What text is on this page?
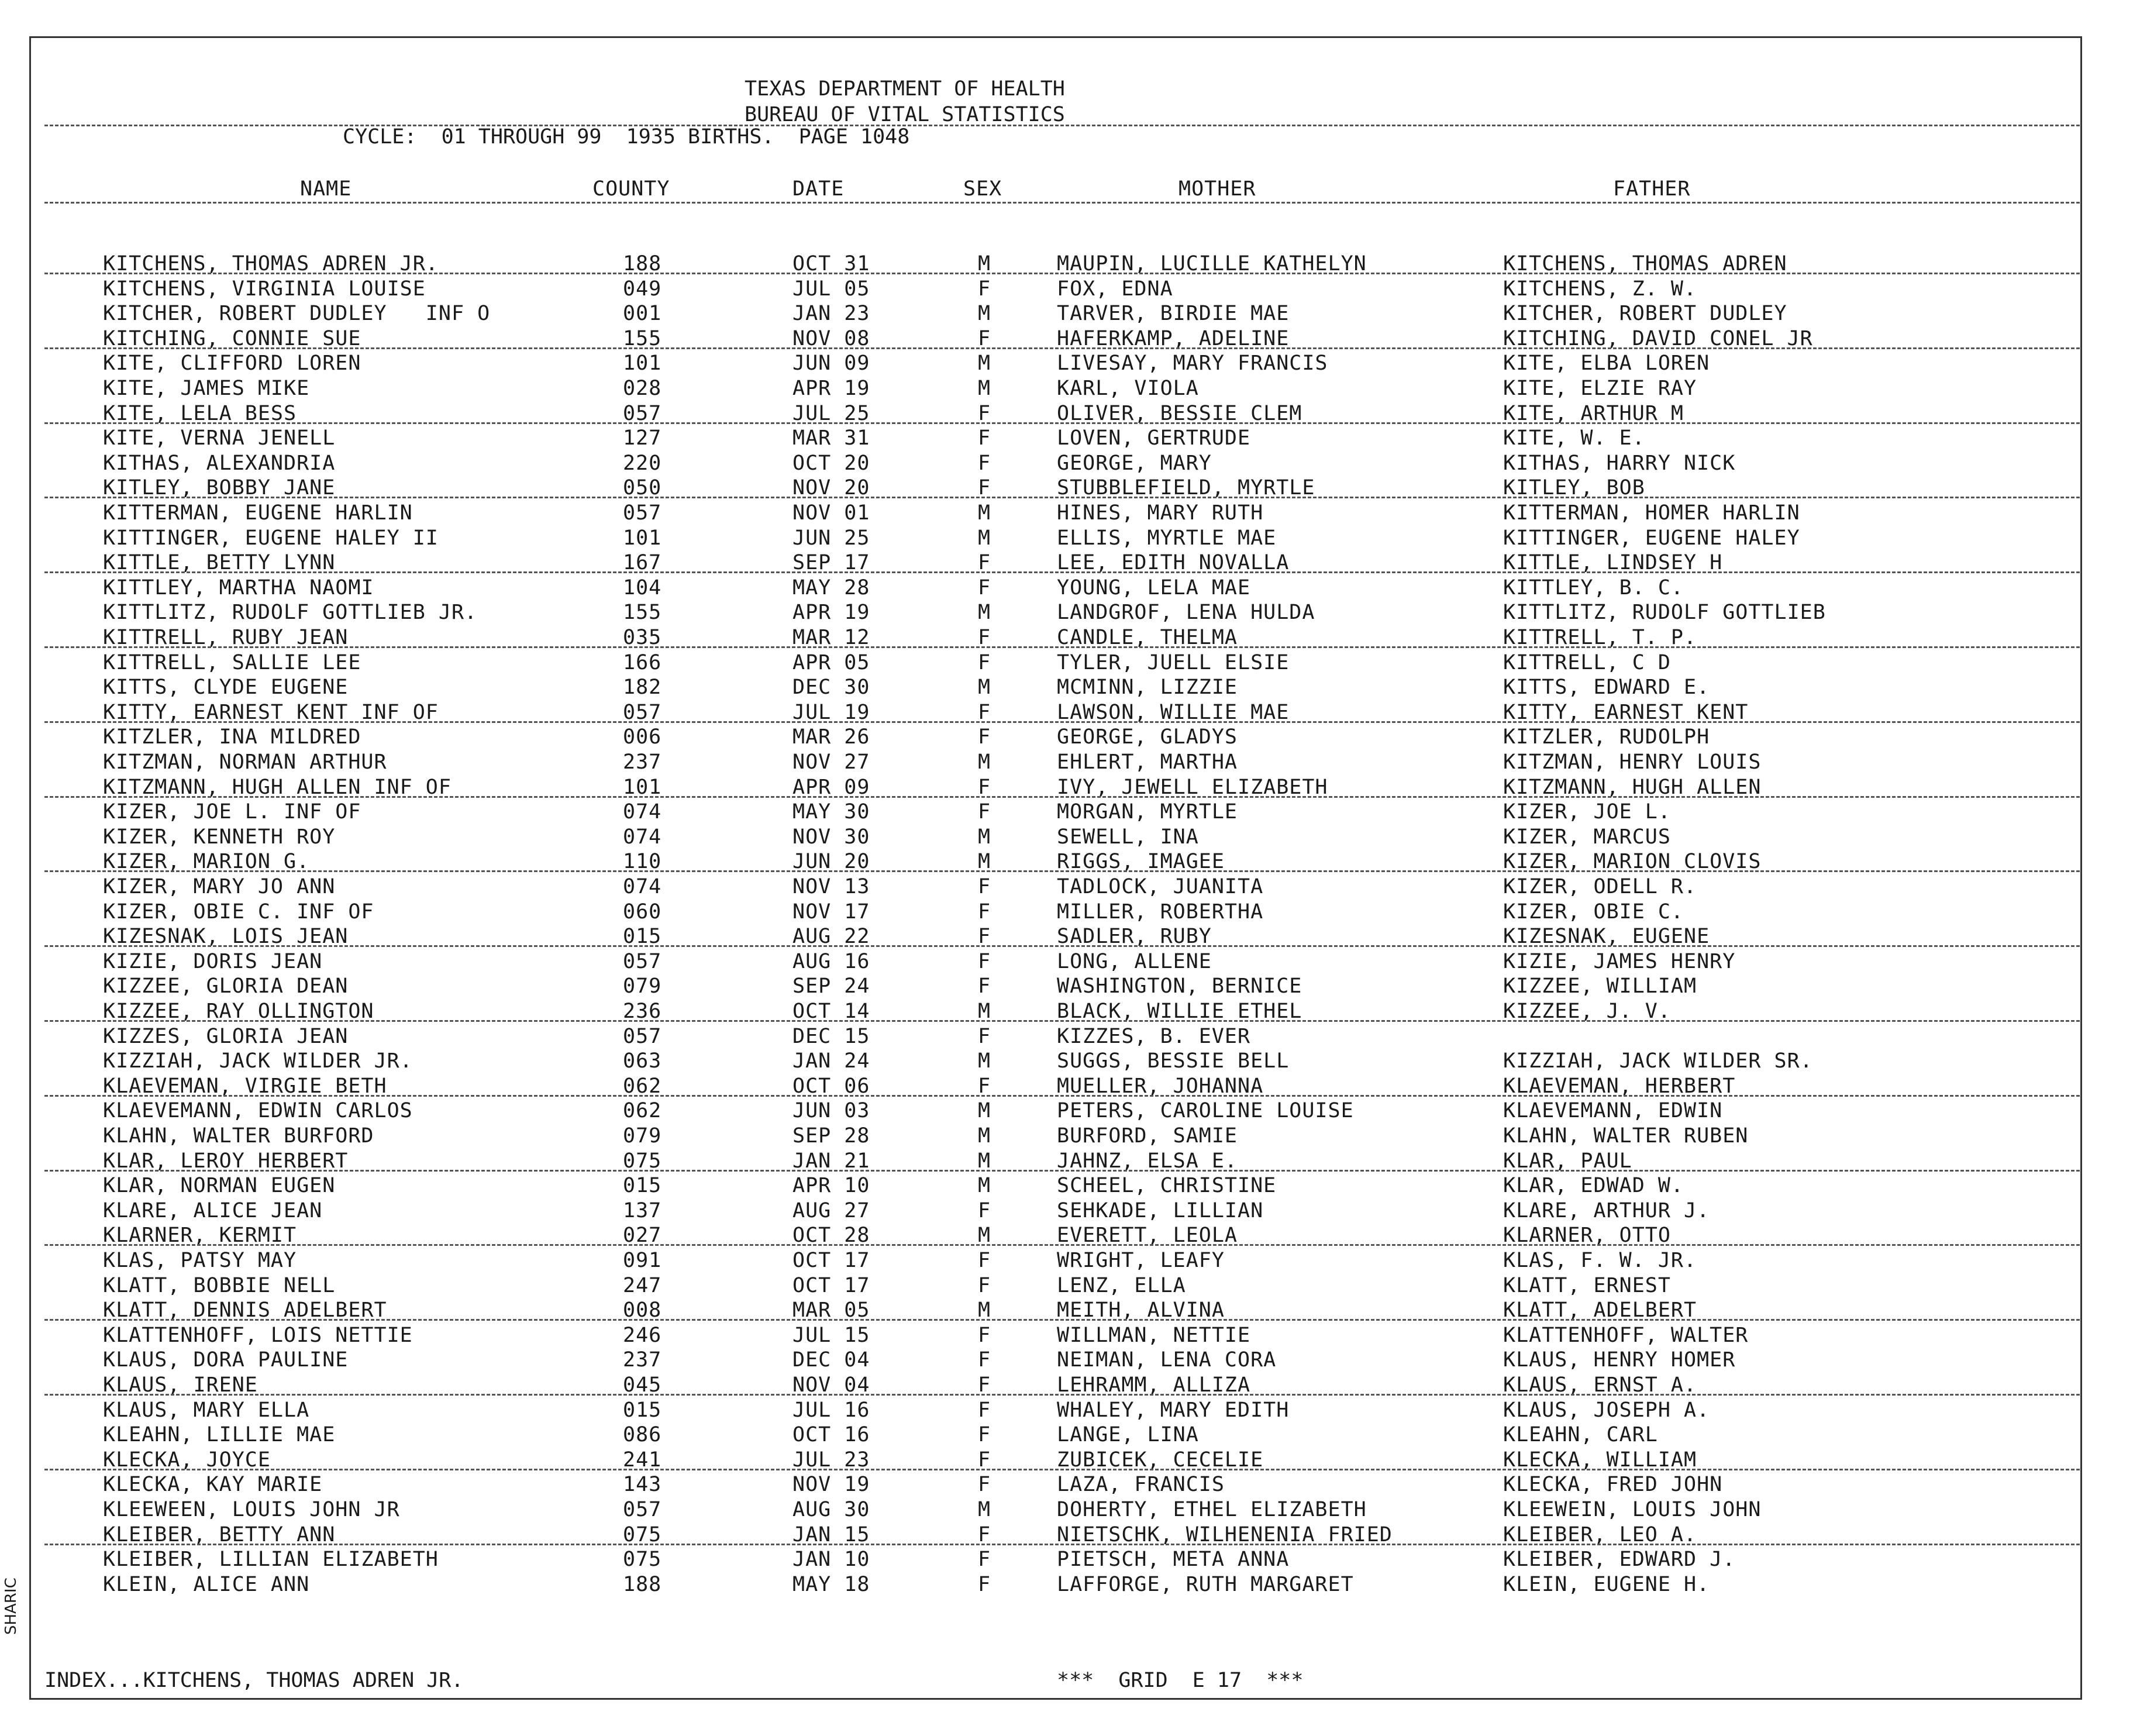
TEXAS DEPARTMENT OF HEALTH
BUREAU OF VITAL STATISTICS
CYCLE:  01 THROUGH 99  1935 BIRTHS.  PAGE 1048
NAME	COUNTY	DATE	SEX	MOTHER	FATHER
KITCHENS, THOMAS ADREN JR.	188	OCT 31	M	MAUPIN, LUCILLE KATHELYN	KITCHENS, THOMAS ADREN
KITCHENS, VIRGINIA LOUISE	049	JUL 05	F	FOX, EDNA	KITCHENS, Z. W.
KITCHER, ROBERT DUDLEY   INF O	001	JAN 23	M	TARVER, BIRDIE MAE	KITCHER, ROBERT DUDLEY
KITCHING, CONNIE SUE	155	NOV 08	F	HAFERKAMP, ADELINE	KITCHING, DAVID CONEL JR
KITE, CLIFFORD LOREN	101	JUN 09	M	LIVESAY, MARY FRANCIS	KITE, ELBA LOREN
KITE, JAMES MIKE	028	APR 19	M	KARL, VIOLA	KITE, ELZIE RAY
KITE, LELA BESS	057	JUL 25	F	OLIVER, BESSIE CLEM	KITE, ARTHUR M
KITE, VERNA JENELL	127	MAR 31	F	LOVEN, GERTRUDE	KITE, W. E.
KITHAS, ALEXANDRIA	220	OCT 20	F	GEORGE, MARY	KITHAS, HARRY NICK
KITLEY, BOBBY JANE	050	NOV 20	F	STUBBLEFIELD, MYRTLE	KITLEY, BOB
KITTERMAN, EUGENE HARLIN	057	NOV 01	M	HINES, MARY RUTH	KITTERMAN, HOMER HARLIN
KITTINGER, EUGENE HALEY II	101	JUN 25	M	ELLIS, MYRTLE MAE	KITTINGER, EUGENE HALEY
KITTLE, BETTY LYNN	167	SEP 17	F	LEE, EDITH NOVALLA	KITTLE, LINDSEY H
KITTLEY, MARTHA NAOMI	104	MAY 28	F	YOUNG, LELA MAE	KITTLEY, B. C.
KITTLITZ, RUDOLF GOTTLIEB JR.	155	APR 19	M	LANDGROF, LENA HULDA	KITTLITZ, RUDOLF GOTTLIEB
KITTRELL, RUBY JEAN	035	MAR 12	F	CANDLE, THELMA	KITTRELL, T. P.
KITTRELL, SALLIE LEE	166	APR 05	F	TYLER, JUELL ELSIE	KITTRELL, C D
KITTS, CLYDE EUGENE	182	DEC 30	M	MCMINN, LIZZIE	KITTS, EDWARD E.
KITTY, EARNEST KENT INF OF	057	JUL 19	F	LAWSON, WILLIE MAE	KITTY, EARNEST KENT
KITZLER, INA MILDRED	006	MAR 26	F	GEORGE, GLADYS	KITZLER, RUDOLPH
KITZMAN, NORMAN ARTHUR	237	NOV 27	M	EHLERT, MARTHA	KITZMAN, HENRY LOUIS
KITZMANN, HUGH ALLEN INF OF	101	APR 09	F	IVY, JEWELL ELIZABETH	KITZMANN, HUGH ALLEN
KIZER, JOE L. INF OF	074	MAY 30	F	MORGAN, MYRTLE	KIZER, JOE L.
KIZER, KENNETH ROY	074	NOV 30	M	SEWELL, INA	KIZER, MARCUS
KIZER, MARION G.	110	JUN 20	M	RIGGS, IMAGEE	KIZER, MARION CLOVIS
KIZER, MARY JO ANN	074	NOV 13	F	TADLOCK, JUANITA	KIZER, ODELL R.
KIZER, OBIE C. INF OF	060	NOV 17	F	MILLER, ROBERTHA	KIZER, OBIE C.
KIZESNAK, LOIS JEAN	015	AUG 22	F	SADLER, RUBY	KIZESNAK, EUGENE
KIZIE, DORIS JEAN	057	AUG 16	F	LONG, ALLENE	KIZIE, JAMES HENRY
KIZZEE, GLORIA DEAN	079	SEP 24	F	WASHINGTON, BERNICE	KIZZEE, WILLIAM
KIZZEE, RAY OLLINGTON	236	OCT 14	M	BLACK, WILLIE ETHEL	KIZZEE, J. V.
KIZZES, GLORIA JEAN	057	DEC 15	F	KIZZES, B. EVER
KIZZIAH, JACK WILDER JR.	063	JAN 24	M	SUGGS, BESSIE BELL	KIZZIAH, JACK WILDER SR.
KLAEVEMAN, VIRGIE BETH	062	OCT 06	F	MUELLER, JOHANNA	KLAEVEMAN, HERBERT
KLAEVEMANN, EDWIN CARLOS	062	JUN 03	M	PETERS, CAROLINE LOUISE	KLAEVEMANN, EDWIN
KLAHN, WALTER BURFORD	079	SEP 28	M	BURFORD, SAMIE	KLAHN, WALTER RUBEN
KLAR, LEROY HERBERT	075	JAN 21	M	JAHNZ, ELSA E.	KLAR, PAUL
KLAR, NORMAN EUGEN	015	APR 10	M	SCHEEL, CHRISTINE	KLAR, EDWAD W.
KLARE, ALICE JEAN	137	AUG 27	F	SEHKADE, LILLIAN	KLARE, ARTHUR J.
KLARNER, KERMIT	027	OCT 28	M	EVERETT, LEOLA	KLARNER, OTTO
KLAS, PATSY MAY	091	OCT 17	F	WRIGHT, LEAFY	KLAS, F. W. JR.
KLATT, BOBBIE NELL	247	OCT 17	F	LENZ, ELLA	KLATT, ERNEST
KLATT, DENNIS ADELBERT	008	MAR 05	M	MEITH, ALVINA	KLATT, ADELBERT
KLATTENHOFF, LOIS NETTIE	246	JUL 15	F	WILLMAN, NETTIE	KLATTENHOFF, WALTER
KLAUS, DORA PAULINE	237	DEC 04	F	NEIMAN, LENA CORA	KLAUS, HENRY HOMER
KLAUS, IRENE	045	NOV 04	F	LEHRAMM, ALLIZA	KLAUS, ERNST A.
KLAUS, MARY ELLA	015	JUL 16	F	WHALEY, MARY EDITH	KLAUS, JOSEPH A.
KLEAHN, LILLIE MAE	086	OCT 16	F	LANGE, LINA	KLEAHN, CARL
KLECKA, JOYCE	241	JUL 23	F	ZUBICEK, CECELIE	KLECKA, WILLIAM
KLECKA, KAY MARIE	143	NOV 19	F	LAZA, FRANCIS	KLECKA, FRED JOHN
KLEEWEEN, LOUIS JOHN JR	057	AUG 30	M	DOHERTY, ETHEL ELIZABETH	KLEEWEIN, LOUIS JOHN
KLEIBER, BETTY ANN	075	JAN 15	F	NIETSCHK, WILHENENIA FRIED	KLEIBER, LEO A.
KLEIBER, LILLIAN ELIZABETH	075	JAN 10	F	PIETSCH, META ANNA	KLEIBER, EDWARD J.
KLEIN, ALICE ANN	188	MAY 18	F	LAFFORGE, RUTH MARGARET	KLEIN, EUGENE H.
INDEX...KITCHENS, THOMAS ADREN JR.	***  GRID  E 17  ***
SHARIC
